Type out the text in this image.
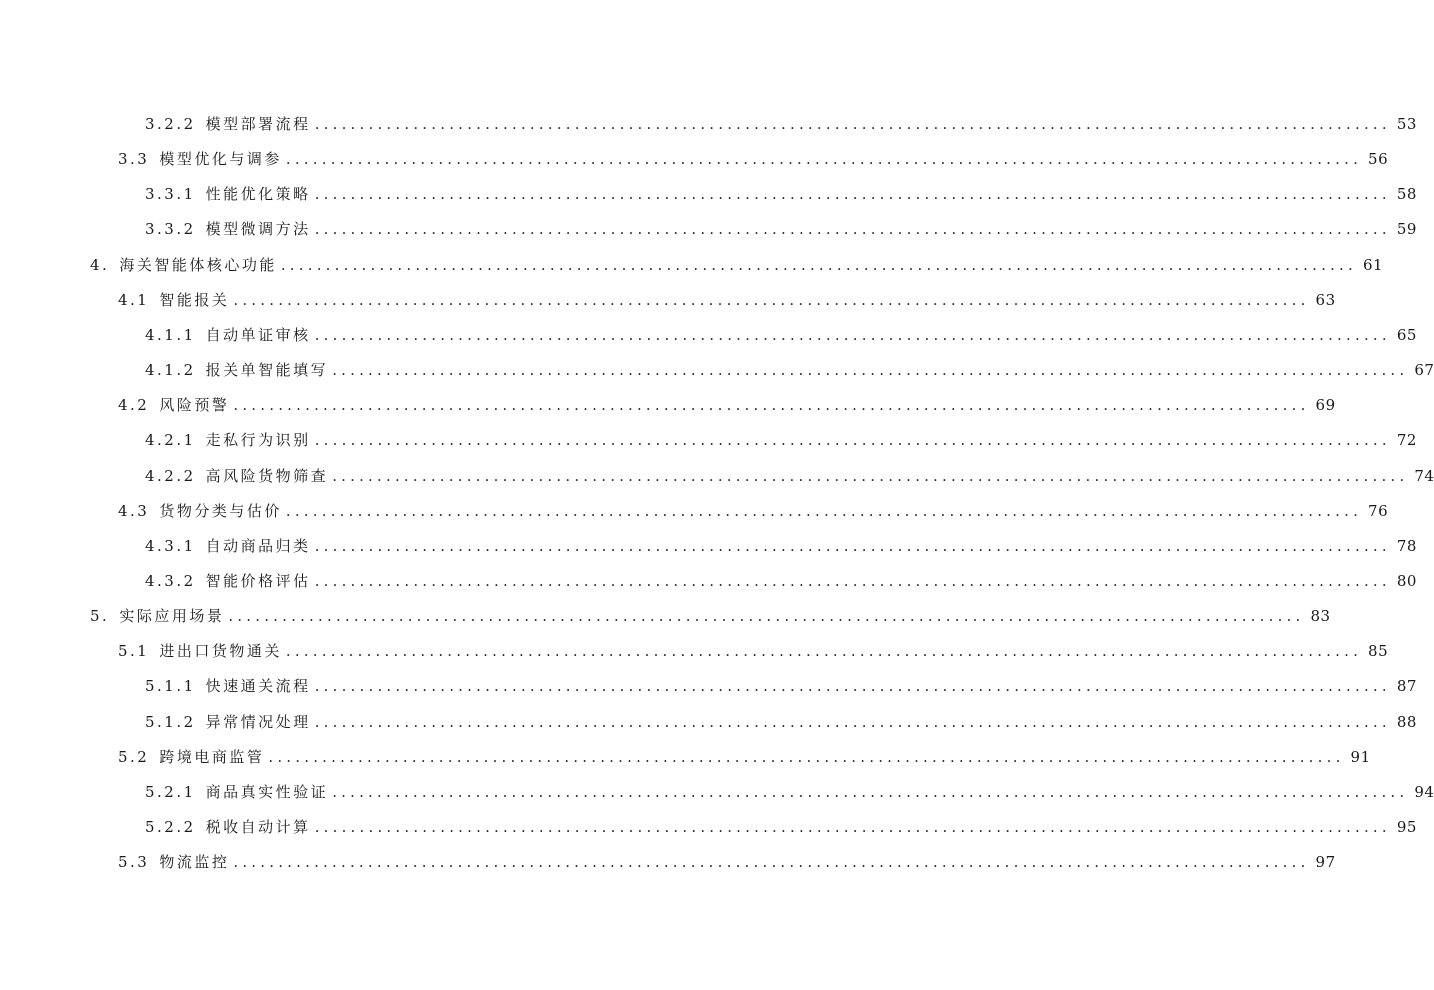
3.2.2 模型部署流程 ........................................................................................................................ 53
3.3 模型优化与调参 ........................................................................................................................ 56
3.3.1 性能优化策略 ........................................................................................................................ 58
3.3.2 模型微调方法 ........................................................................................................................ 59
4. 海关智能体核心功能 ........................................................................................................................ 61
4.1 智能报关 ........................................................................................................................ 63
4.1.1 自动单证审核 ........................................................................................................................ 65
4.1.2 报关单智能填写 ........................................................................................................................ 67
4.2 风险预警 ........................................................................................................................ 69
4.2.1 走私行为识别 ........................................................................................................................ 72
4.2.2 高风险货物筛查 ........................................................................................................................ 74
4.3 货物分类与估价 ........................................................................................................................ 76
4.3.1 自动商品归类 ........................................................................................................................ 78
4.3.2 智能价格评估 ........................................................................................................................ 80
5. 实际应用场景 ........................................................................................................................ 83
5.1 进出口货物通关 ........................................................................................................................ 85
5.1.1 快速通关流程 ........................................................................................................................ 87
5.1.2 异常情况处理 ........................................................................................................................ 88
5.2 跨境电商监管 ........................................................................................................................ 91
5.2.1 商品真实性验证 ........................................................................................................................ 94
5.2.2 税收自动计算 ........................................................................................................................ 95
5.3 物流监控 ........................................................................................................................ 97
